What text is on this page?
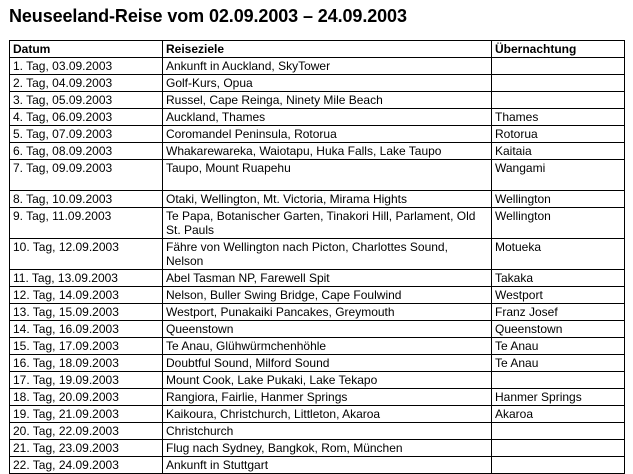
Neuseeland-Reise vom 02.09.2003 – 24.09.2003
Datum	Reiseziele	Übernachtung
1. Tag, 03.09.2003	Ankunft in Auckland, SkyTower	
2. Tag, 04.09.2003	Golf-Kurs, Opua	
3. Tag, 05.09.2003	Russel, Cape Reinga, Ninety Mile Beach	
4. Tag, 06.09.2003	Auckland, Thames	Thames
5. Tag, 07.09.2003	Coromandel Peninsula, Rotorua	Rotorua
6. Tag, 08.09.2003	Whakarewareka, Waiotapu, Huka Falls, Lake Taupo	Kaitaia
7. Tag, 09.09.2003	Taupo, Mount Ruapehu	Wangami
8. Tag, 10.09.2003	Otaki, Wellington, Mt. Victoria, Mirama Hights	Wellington
9. Tag, 11.09.2003	Te Papa, Botanischer Garten, Tinakori Hill, Parlament, Old St. Pauls	Wellington
10. Tag, 12.09.2003	Fähre von Wellington nach Picton, Charlottes Sound, Nelson	Motueka
11. Tag, 13.09.2003	Abel Tasman NP, Farewell Spit	Takaka
12. Tag, 14.09.2003	Nelson, Buller Swing Bridge, Cape Foulwind	Westport
13. Tag, 15.09.2003	Westport, Punakaiki Pancakes, Greymouth	Franz Josef
14. Tag, 16.09.2003	Queenstown	Queenstown
15. Tag, 17.09.2003	Te Anau, Glühwürmchenhöhle	Te Anau
16. Tag, 18.09.2003	Doubtful Sound, Milford Sound	Te Anau
17. Tag, 19.09.2003	Mount Cook, Lake Pukaki, Lake Tekapo	
18. Tag, 20.09.2003	Rangiora, Fairlie, Hanmer Springs	Hanmer Springs
19. Tag, 21.09.2003	Kaikoura, Christchurch, Littleton, Akaroa	Akaroa
20. Tag, 22.09.2003	Christchurch	
21. Tag, 23.09.2003	Flug nach Sydney, Bangkok, Rom, München	
22. Tag, 24.09.2003	Ankunft in Stuttgart	
